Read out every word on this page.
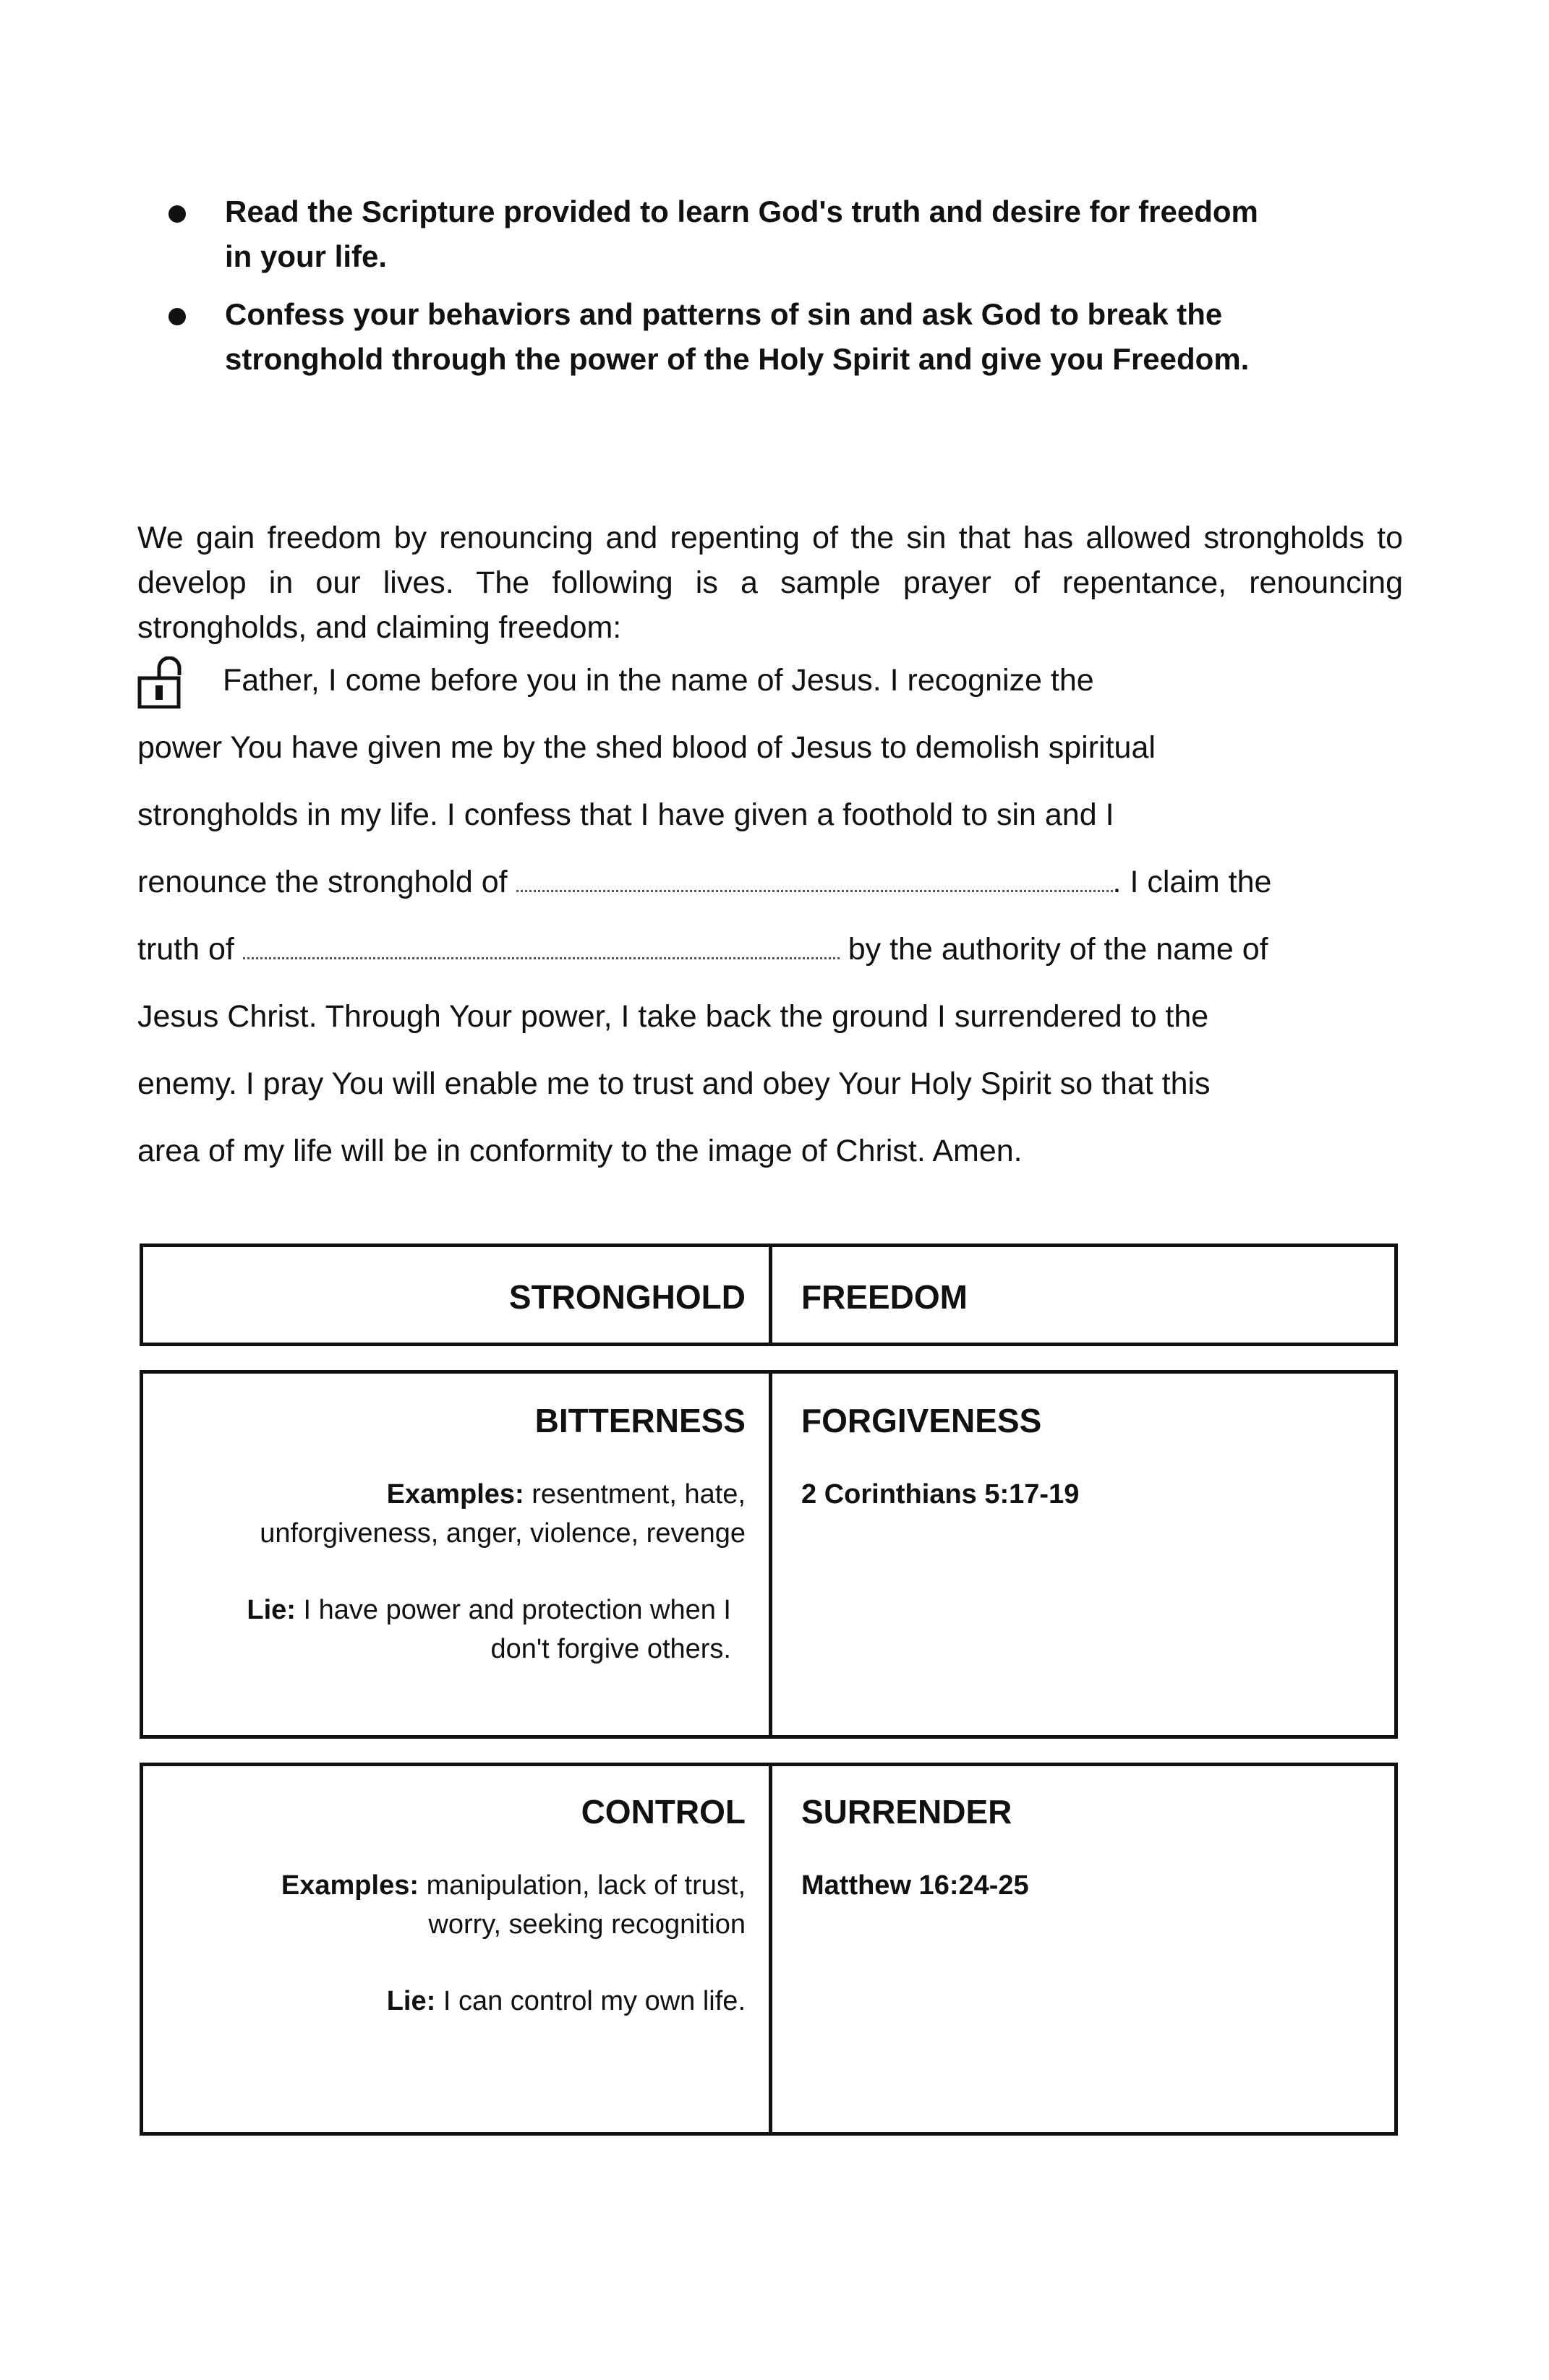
Read the Scripture provided to learn God's truth and desire for freedom in your life.
Confess your behaviors and patterns of sin and ask God to break the stronghold through the power of the Holy Spirit and give you Freedom.

We gain freedom by renouncing and repenting of the sin that has allowed strongholds to develop in our lives. The following is a sample prayer of repentance, renouncing strongholds, and claiming freedom:

Father, I come before you in the name of Jesus. I recognize the
power You have given me by the shed blood of Jesus to demolish spiritual
strongholds in my life. I confess that I have given a foothold to sin and I
renounce the stronghold of	. I claim the
truth of	by the authority of the name of
Jesus Christ. Through Your power, I take back the ground I surrendered to the
enemy. I pray You will enable me to trust and obey Your Holy Spirit so that this
area of my life will be in conformity to the image of Christ. Amen.
STRONGHOLD FREEDOM
BITTERNESS
Examples: resentment, hate,
unforgiveness, anger, violence, revenge
Lie: I have power and protection when I
don't forgive others.
FORGIVENESS
2 Corinthians 5:17-19
CONTROL
Examples: manipulation, lack of trust,
worry, seeking recognition
Lie: I can control my own life.
SURRENDER
Matthew 16:24-25
